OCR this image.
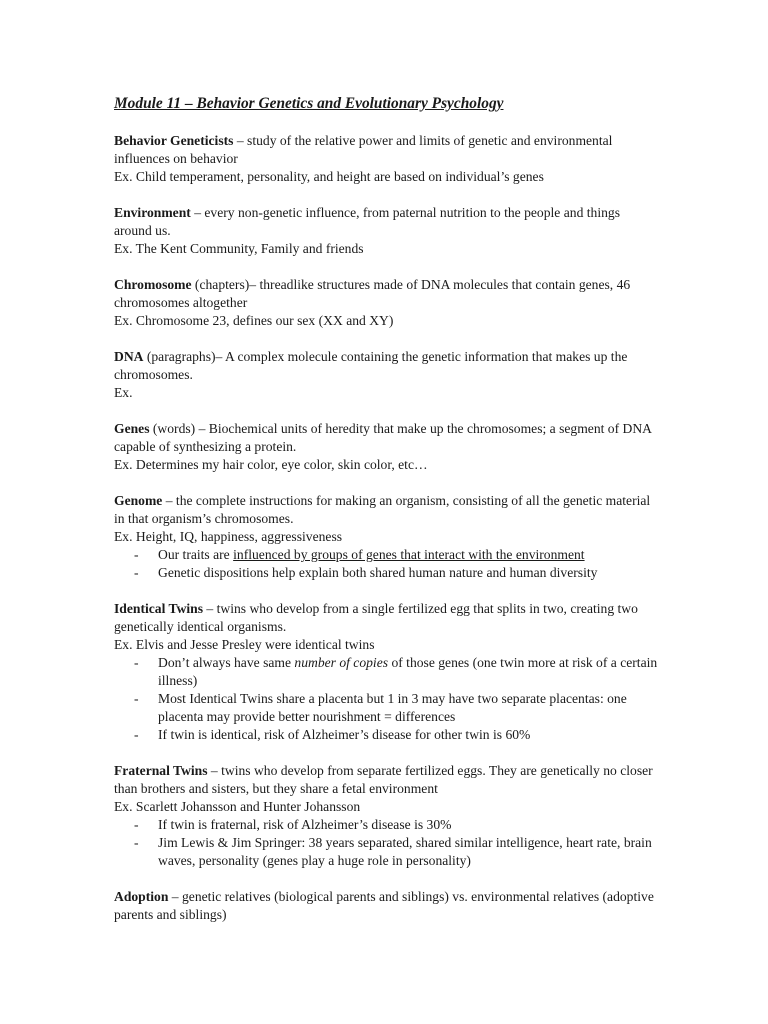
Module 11 – Behavior Genetics and Evolutionary Psychology

Behavior Geneticists – study of the relative power and limits of genetic and environmental influences on behavior

Ex. Child temperament, personality, and height are based on individual’s genes

Environment – every non-genetic influence, from paternal nutrition to the people and things around us.

Ex. The Kent Community, Family and friends

Chromosome (chapters)– threadlike structures made of DNA molecules that contain genes, 46 chromosomes altogether

Ex. Chromosome 23, defines our sex (XX and XY)

DNA (paragraphs)– A complex molecule containing the genetic information that makes up the chromosomes.

Ex.

Genes (words) – Biochemical units of heredity that make up the chromosomes; a segment of DNA capable of synthesizing a protein.

Ex. Determines my hair color, eye color, skin color, etc…

Genome – the complete instructions for making an organism, consisting of all the genetic material in that organism’s chromosomes.

Ex. Height, IQ, happiness, aggressiveness

- Our traits are influenced by groups of genes that interact with the environment
- Genetic dispositions help explain both shared human nature and human diversity

Identical Twins – twins who develop from a single fertilized egg that splits in two, creating two genetically identical organisms.

Ex. Elvis and Jesse Presley were identical twins

- Don’t always have same number of copies of those genes (one twin more at risk of a certain illness)
- Most Identical Twins share a placenta but 1 in 3 may have two separate placentas: one placenta may provide better nourishment = differences
- If twin is identical, risk of Alzheimer’s disease for other twin is 60%

Fraternal Twins – twins who develop from separate fertilized eggs. They are genetically no closer than brothers and sisters, but they share a fetal environment

Ex. Scarlett Johansson and Hunter Johansson

- If twin is fraternal, risk of Alzheimer’s disease is 30%
- Jim Lewis & Jim Springer: 38 years separated, shared similar intelligence, heart rate, brain waves, personality (genes play a huge role in personality)

Adoption – genetic relatives (biological parents and siblings) vs. environmental relatives (adoptive parents and siblings)
